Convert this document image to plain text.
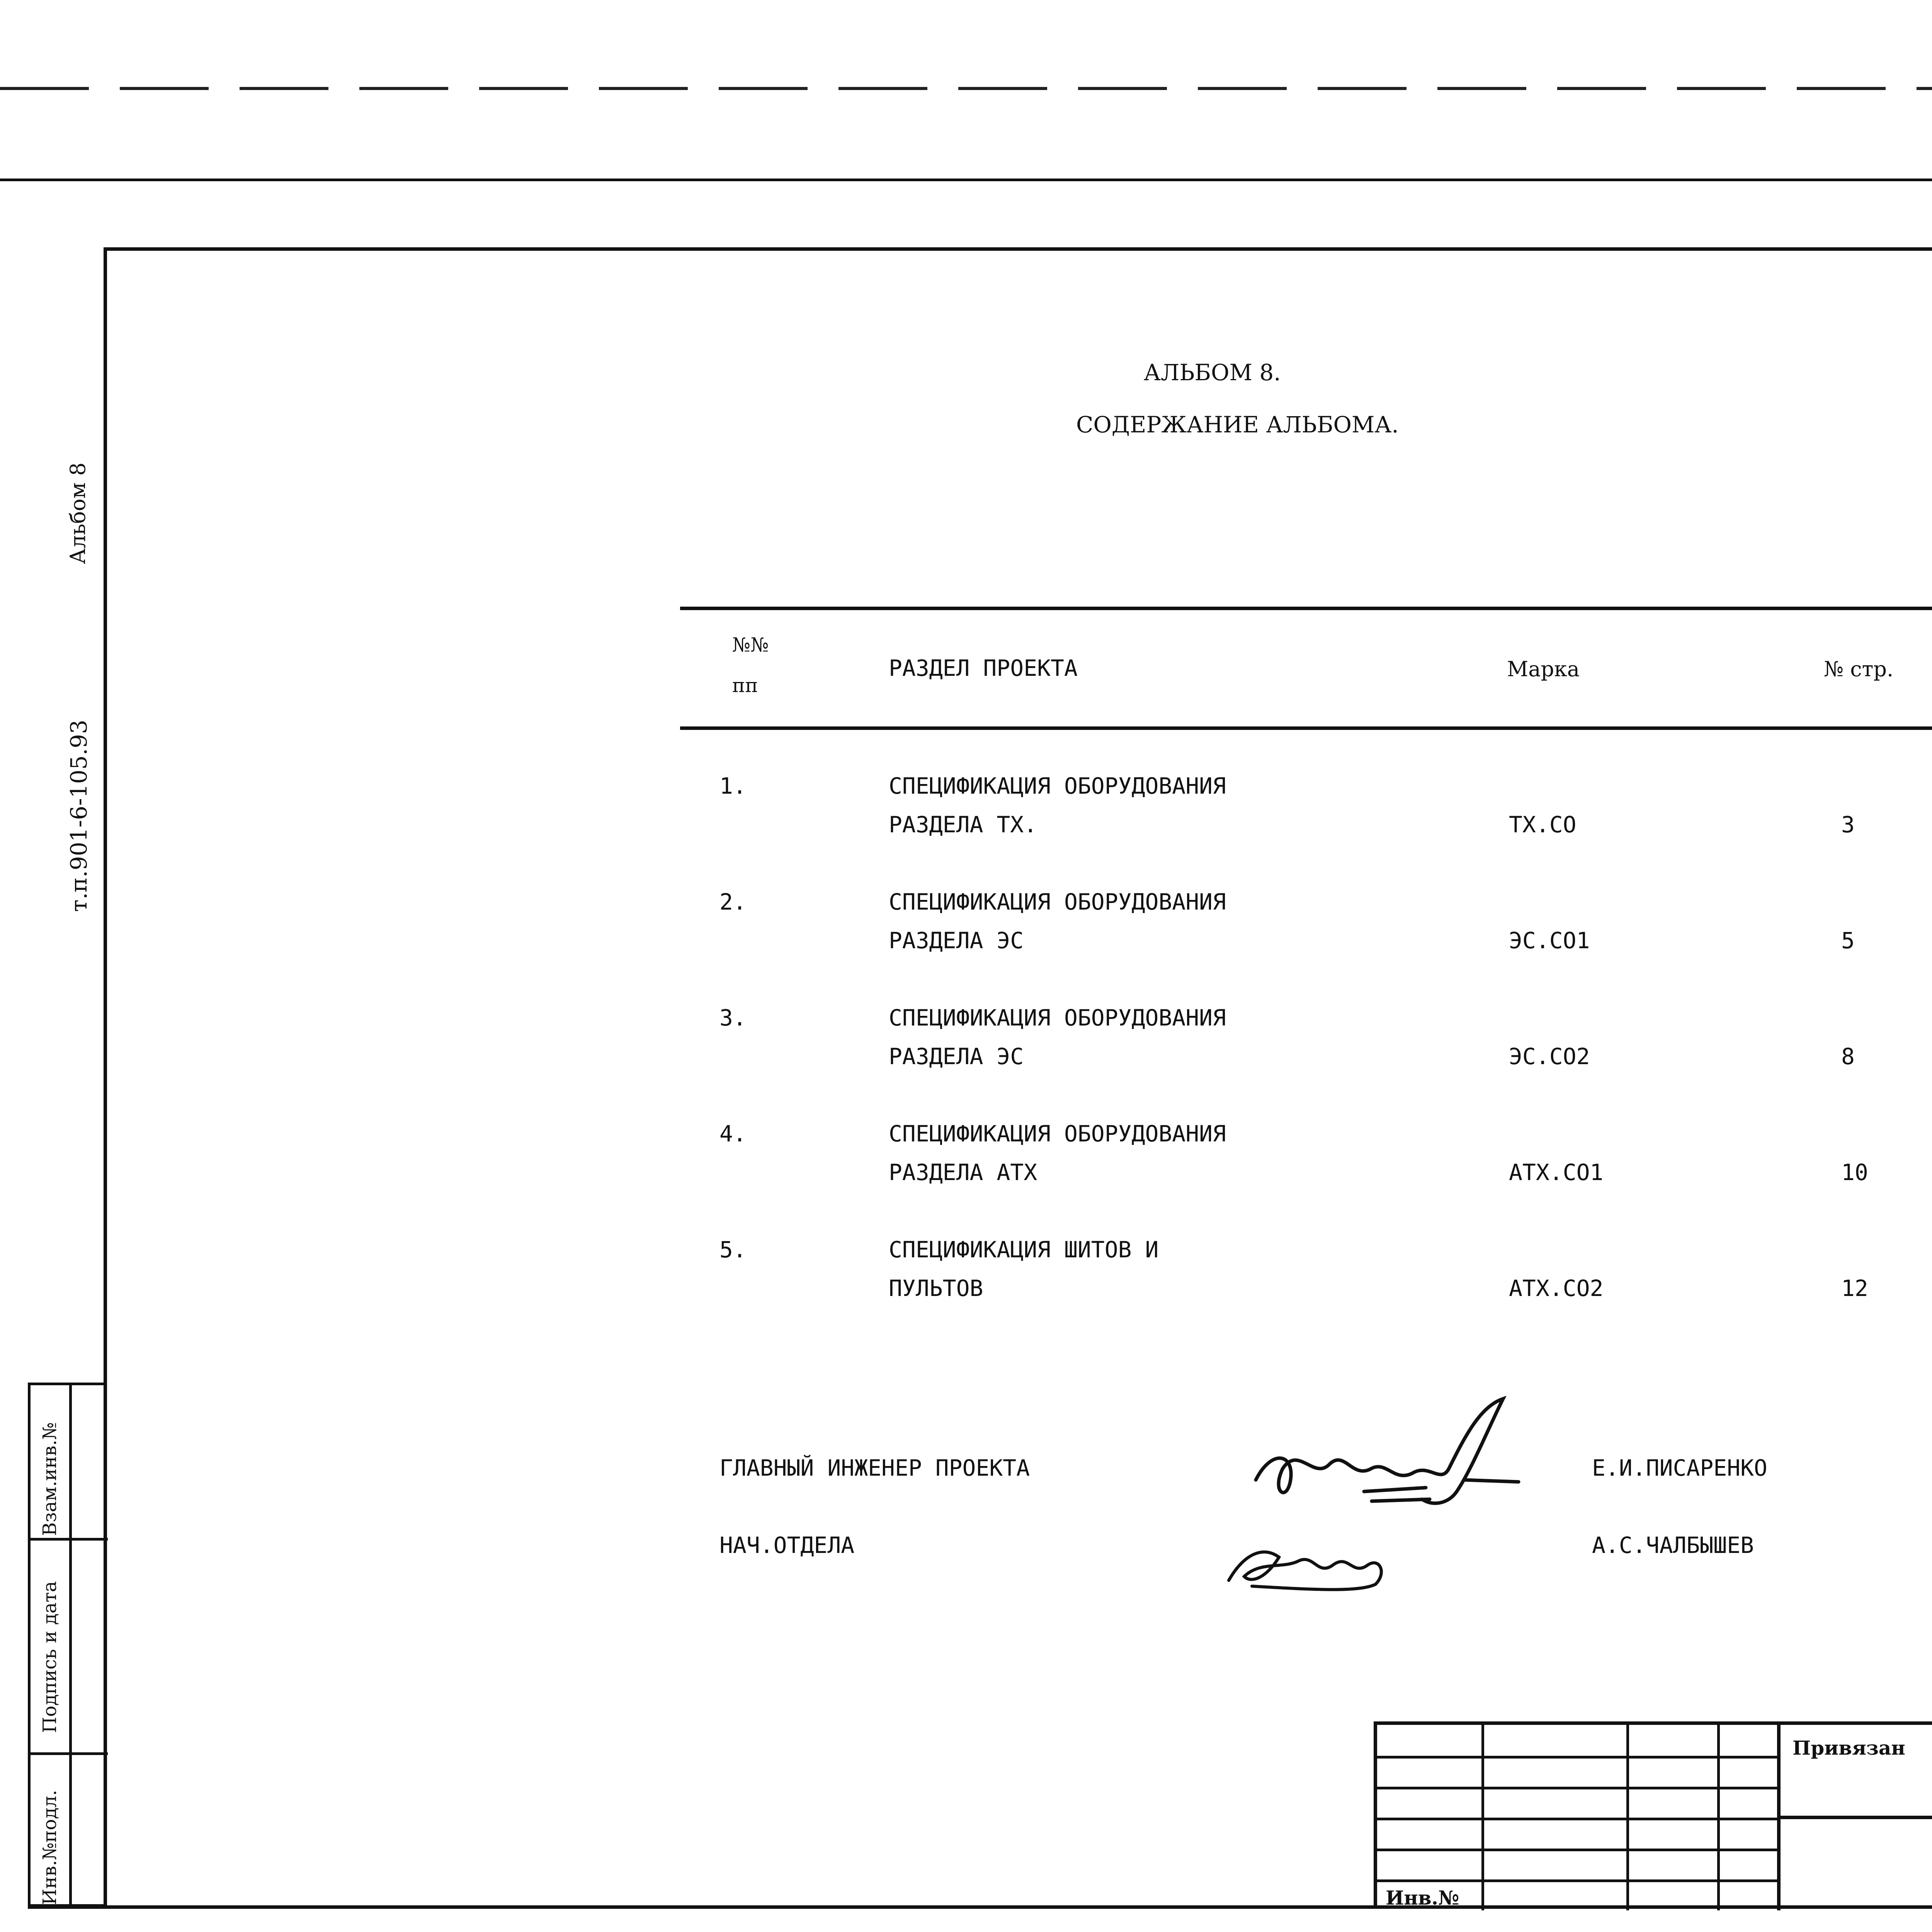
Альбом 8
т.п.901-6-105.93
Взам.инв.№
Подпись и дата
Инв.№подл.
АЛЬБОМ 8.
СОДЕРЖАНИЕ АЛЬБОМА.
№№
пп
РАЗДЕЛ ПРОЕКТА	Марка	№ стр.
1.	СПЕЦИФИКАЦИЯ ОБОРУДОВАНИЯ
РАЗДЕЛА ТХ.	ТХ.СО	3
2.	СПЕЦИФИКАЦИЯ ОБОРУДОВАНИЯ
РАЗДЕЛА ЭС	ЭС.СО1	5
3.	СПЕЦИФИКАЦИЯ ОБОРУДОВАНИЯ
РАЗДЕЛА ЭС	ЭС.СО2	8
4.	СПЕЦИФИКАЦИЯ ОБОРУДОВАНИЯ
РАЗДЕЛА АТХ	АТХ.СО1	10
5.	СПЕЦИФИКАЦИЯ ШИТОВ И
ПУЛЬТОВ	АТХ.СО2	12
ГЛАВНЫЙ ИНЖЕНЕР ПРОЕКТА	Е.И.ПИСАРЕНКО
НАЧ.ОТДЕЛА	А.С.ЧАЛБЫШЕВ
Привязан
Инв.№
